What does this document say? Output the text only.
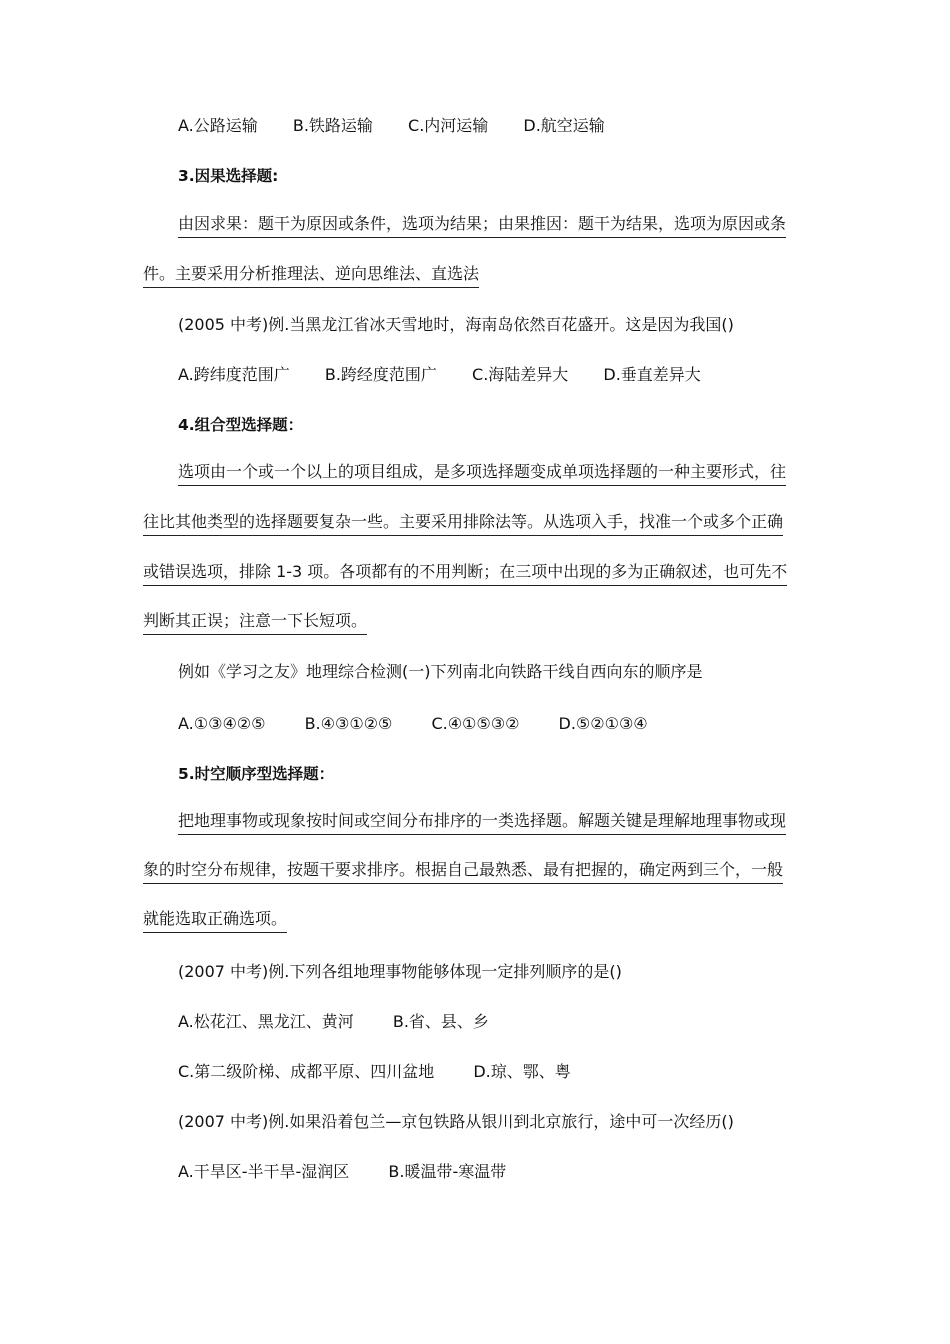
A.公路运输 B.铁路运输 C.内河运输 D.航空运输
3.因果选择题:
由因求果：题干为原因或条件，选项为结果；由果推因：题干为结果，选项为原因或条
件。主要采用分析推理法、逆向思维法、直选法
(2005 中考)例.当黑龙江省冰天雪地时，海南岛依然百花盛开。这是因为我国()
A.跨纬度范围广 B.跨经度范围广 C.海陆差异大 D.垂直差异大
4.组合型选择题：
选项由一个或一个以上的项目组成，是多项选择题变成单项选择题的一种主要形式，往
往比其他类型的选择题要复杂一些。主要采用排除法等。从选项入手，找准一个或多个正确
或错误选项，排除 1-3 项。各项都有的不用判断；在三项中出现的多为正确叙述，也可先不
判断其正误；注意一下长短项。
例如《学习之友》地理综合检测(一)下列南北向铁路干线自西向东的顺序是
A.①③④②⑤ B.④③①②⑤ C.④①⑤③② D.⑤②①③④
5.时空顺序型选择题：
把地理事物或现象按时间或空间分布排序的一类选择题。解题关键是理解地理事物或现
象的时空分布规律，按题干要求排序。根据自己最熟悉、最有把握的，确定两到三个，一般
就能选取正确选项。
(2007 中考)例.下列各组地理事物能够体现一定排列顺序的是()
A.松花江、黑龙江、黄河 B.省、县、乡
C.第二级阶梯、成都平原、四川盆地 D.琼、鄂、粤
(2007 中考)例.如果沿着包兰—京包铁路从银川到北京旅行，途中可一次经历()
A.干旱区-半干旱-湿润区 B.暖温带-寒温带
